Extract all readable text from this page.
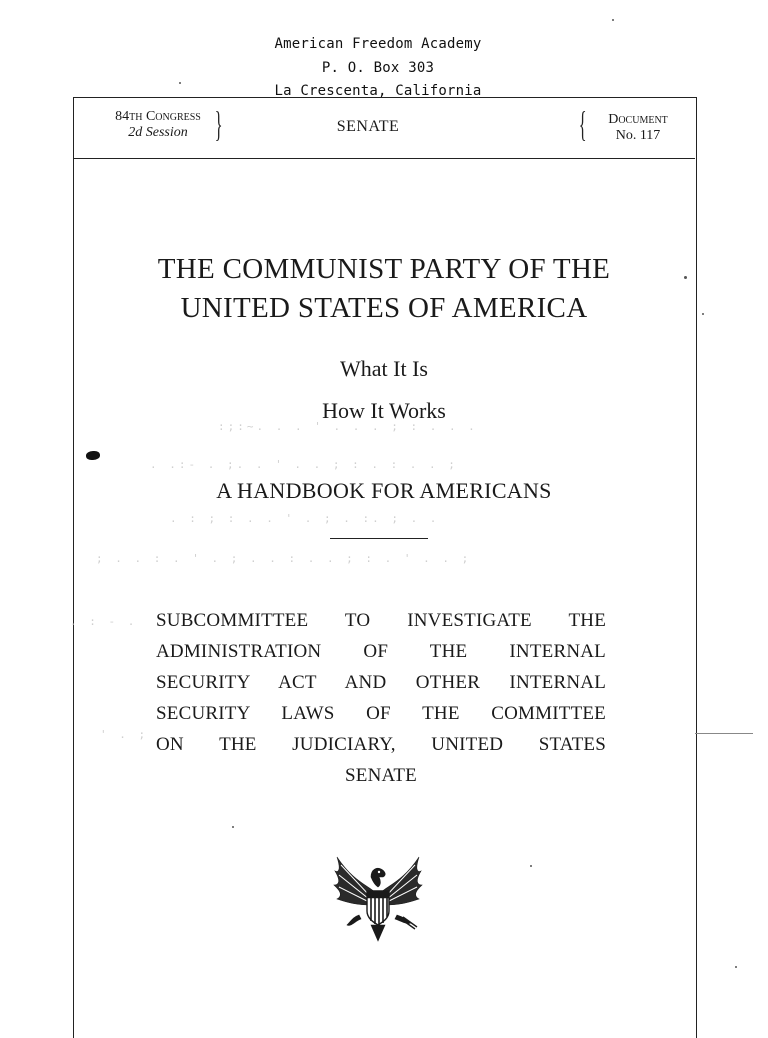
American Freedom Academy
P. O. Box 303
La Crescenta, California
84th Congress
2d Session }	SENATE	{	Document
No. 117
THE COMMUNIST PARTY OF THE
UNITED STATES OF AMERICA
What It Is
How It Works
A HANDBOOK FOR AMERICANS
SUBCOMMITTEE TO INVESTIGATE THE
ADMINISTRATION OF THE INTERNAL
SECURITY ACT AND OTHER INTERNAL
SECURITY LAWS OF THE COMMITTEE
ON THE JUDICIARY, UNITED STATES
SENATE
:;:~. . . ' . . . ; : . . .
. .:- . ;. . ' . . ; : . : . . ;
. : ; : . . ' . ; . :. ; . .
; . . : . ' . ; . . : . . ; : . ' . . ;
. : - .
' . ;
